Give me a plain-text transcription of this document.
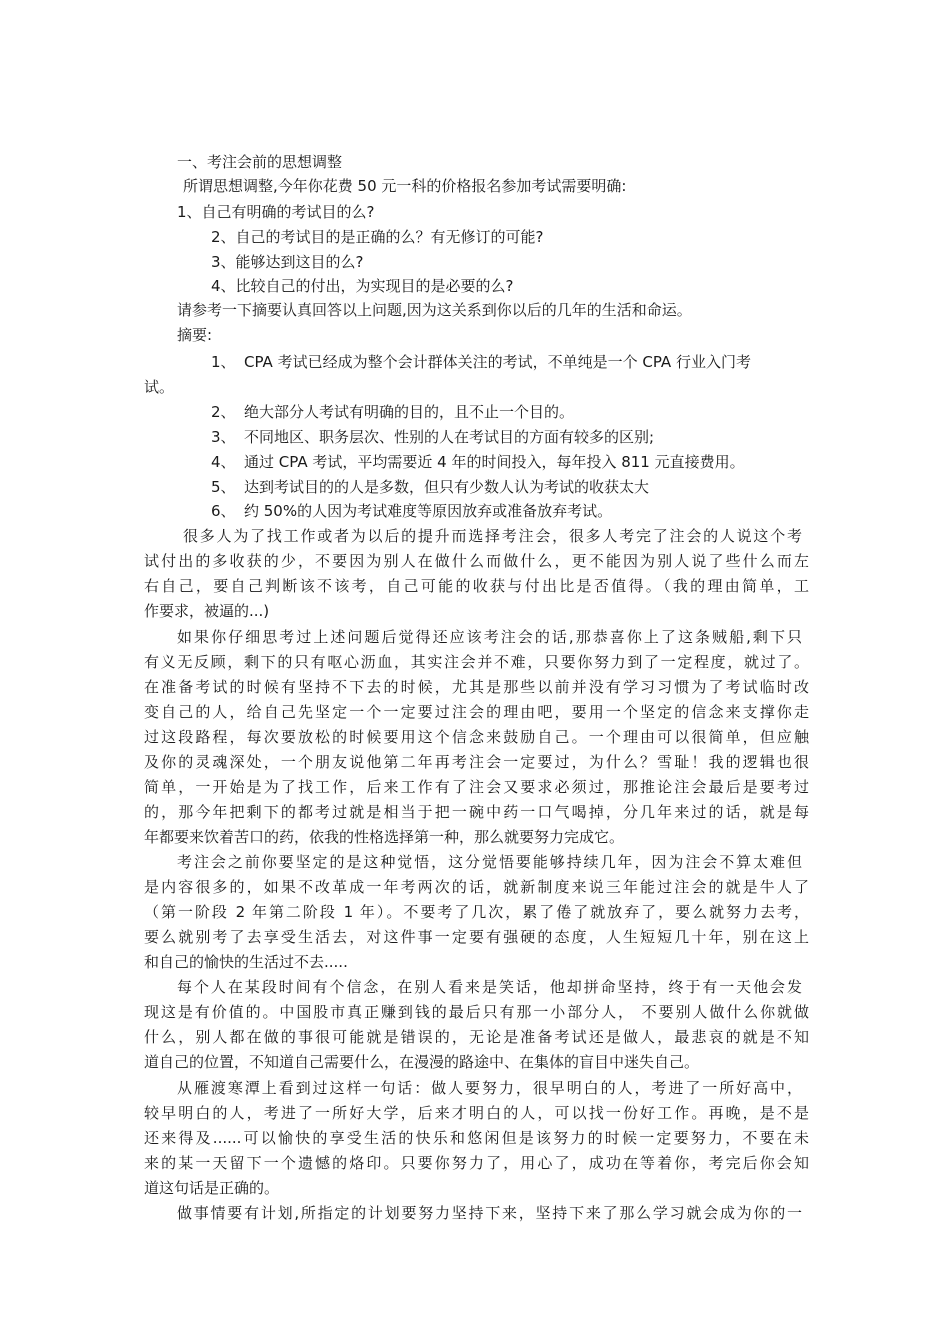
一、考注会前的思想调整
所谓思想调整,今年你花费 50 元一科的价格报名参加考试需要明确:
1、自己有明确的考试目的么?
2、自己的考试目的是正确的么？有无修订的可能?
3、能够达到这目的么?
4、比较自己的付出，为实现目的是必要的么?
请参考一下摘要认真回答以上问题,因为这关系到你以后的几年的生活和命运。
摘要:
1、 CPA 考试已经成为整个会计群体关注的考试，不单纯是一个 CPA 行业入门考
试。
2、 绝大部分人考试有明确的目的，且不止一个目的。
3、 不同地区、职务层次、性别的人在考试目的方面有较多的区别;
4、 通过 CPA 考试，平均需要近 4 年的时间投入，每年投入 811 元直接费用。
5、 达到考试目的的人是多数，但只有少数人认为考试的收获太大
6、 约 50%的人因为考试难度等原因放弃或准备放弃考试。
很多人为了找工作或者为以后的提升而选择考注会，很多人考完了注会的人说这个考
试付出的多收获的少，不要因为别人在做什么而做什么，更不能因为别人说了些什么而左
右自己，要自己判断该不该考，自己可能的收获与付出比是否值得。（我的理由简单，工
作要求，被逼的...)
如果你仔细思考过上述问题后觉得还应该考注会的话,那恭喜你上了这条贼船,剩下只
有义无反顾，剩下的只有呕心沥血，其实注会并不难，只要你努力到了一定程度，就过了。
在准备考试的时候有坚持不下去的时候，尤其是那些以前并没有学习习惯为了考试临时改
变自己的人，给自己先坚定一个一定要过注会的理由吧，要用一个坚定的信念来支撑你走
过这段路程，每次要放松的时候要用这个信念来鼓励自己。一个理由可以很简单，但应触
及你的灵魂深处，一个朋友说他第二年再考注会一定要过，为什么？雪耻！我的逻辑也很
简单，一开始是为了找工作，后来工作有了注会又要求必须过，那推论注会最后是要考过
的，那今年把剩下的都考过就是相当于把一碗中药一口气喝掉，分几年来过的话，就是每
年都要来饮着苦口的药，依我的性格选择第一种，那么就要努力完成它。
考注会之前你要坚定的是这种觉悟，这分觉悟要能够持续几年，因为注会不算太难但
是内容很多的，如果不改革成一年考两次的话，就新制度来说三年能过注会的就是牛人了
（第一阶段 2 年第二阶段 1 年）。不要考了几次，累了倦了就放弃了，要么就努力去考，
要么就别考了去享受生活去，对这件事一定要有强硬的态度，人生短短几十年，别在这上
和自己的愉快的生活过不去.....
每个人在某段时间有个信念，在别人看来是笑话，他却拼命坚持，终于有一天他会发
现这是有价值的。中国股市真正赚到钱的最后只有那一小部分人， 不要别人做什么你就做
什么，别人都在做的事很可能就是错误的，无论是准备考试还是做人，最悲哀的就是不知
道自己的位置，不知道自己需要什么，在漫漫的路途中、在集体的盲目中迷失自己。
从雁渡寒潭上看到过这样一句话：做人要努力，很早明白的人，考进了一所好高中，
较早明白的人，考进了一所好大学，后来才明白的人，可以找一份好工作。再晚，是不是
还来得及......可以愉快的享受生活的快乐和悠闲但是该努力的时候一定要努力，不要在未
来的某一天留下一个遗憾的烙印。只要你努力了，用心了，成功在等着你，考完后你会知
道这句话是正确的。
做事情要有计划,所指定的计划要努力坚持下来，坚持下来了那么学习就会成为你的一
